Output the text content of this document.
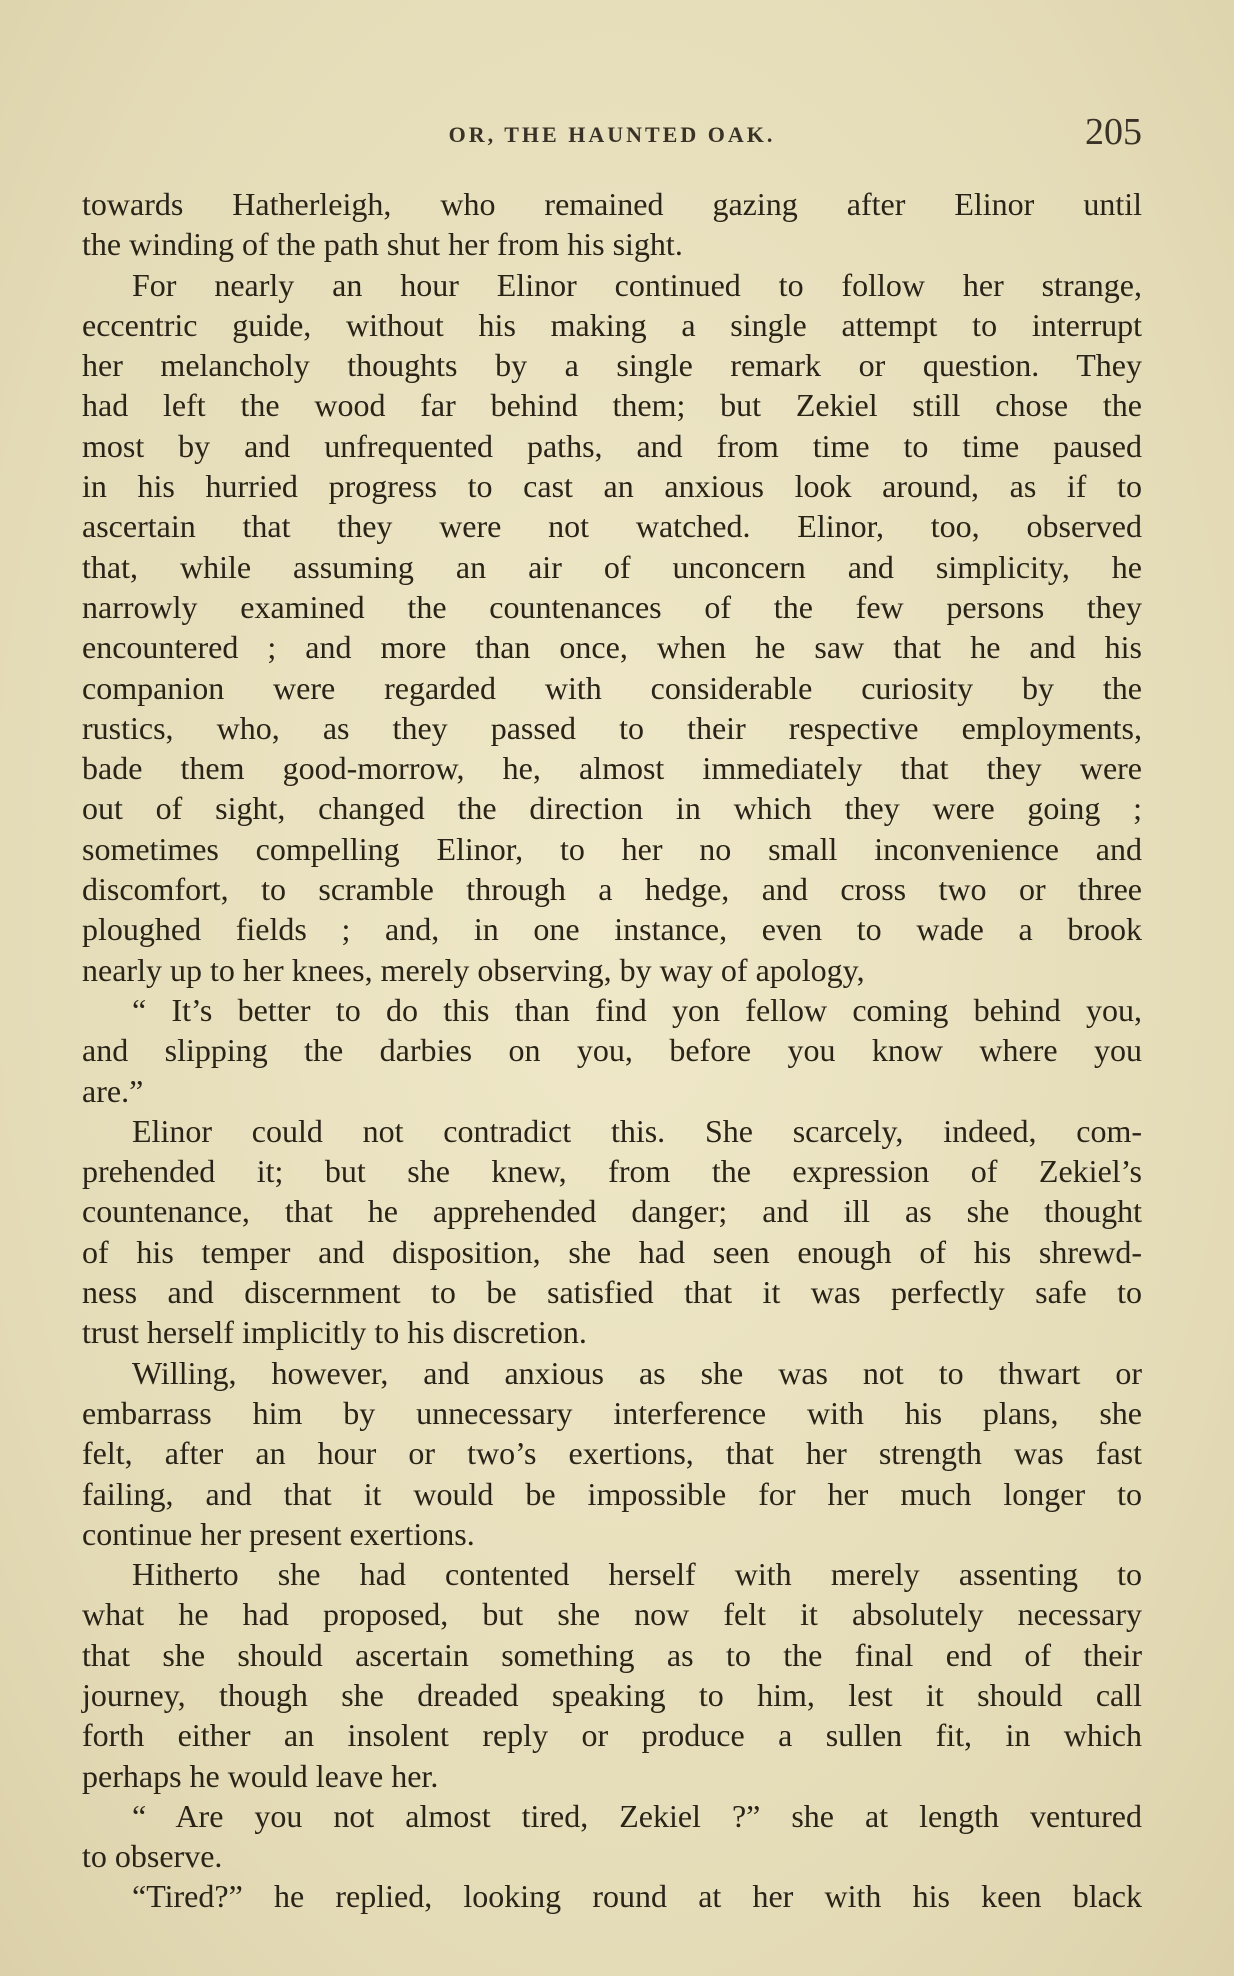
OR, THE HAUNTED OAK.	205
towards Hatherleigh, who remained gazing after Elinor until
the winding of the path shut her from his sight.
For nearly an hour Elinor continued to follow her strange,
eccentric guide, without his making a single attempt to interrupt
her melancholy thoughts by a single remark or question. They
had left the wood far behind them; but Zekiel still chose the
most by and unfrequented paths, and from time to time paused
in his hurried progress to cast an anxious look around, as if to
ascertain that they were not watched. Elinor, too, observed
that, while assuming an air of unconcern and simplicity, he
narrowly examined the countenances of the few persons they
encountered ; and more than once, when he saw that he and his
companion were regarded with considerable curiosity by the
rustics, who, as they passed to their respective employments,
bade them good-morrow, he, almost immediately that they were
out of sight, changed the direction in which they were going ;
sometimes compelling Elinor, to her no small inconvenience and
discomfort, to scramble through a hedge, and cross two or three
ploughed fields ; and, in one instance, even to wade a brook
nearly up to her knees, merely observing, by way of apology,
“ It’s better to do this than find yon fellow coming behind you,
and slipping the darbies on you, before you know where you
are.”
Elinor could not contradict this. She scarcely, indeed, com-
prehended it; but she knew, from the expression of Zekiel’s
countenance, that he apprehended danger; and ill as she thought
of his temper and disposition, she had seen enough of his shrewd-
ness and discernment to be satisfied that it was perfectly safe to
trust herself implicitly to his discretion.
Willing, however, and anxious as she was not to thwart or
embarrass him by unnecessary interference with his plans, she
felt, after an hour or two’s exertions, that her strength was fast
failing, and that it would be impossible for her much longer to
continue her present exertions.
Hitherto she had contented herself with merely assenting to
what he had proposed, but she now felt it absolutely necessary
that she should ascertain something as to the final end of their
journey, though she dreaded speaking to him, lest it should call
forth either an insolent reply or produce a sullen fit, in which
perhaps he would leave her.
“ Are you not almost tired, Zekiel ?” she at length ventured
to observe.
“Tired?” he replied, looking round at her with his keen black
